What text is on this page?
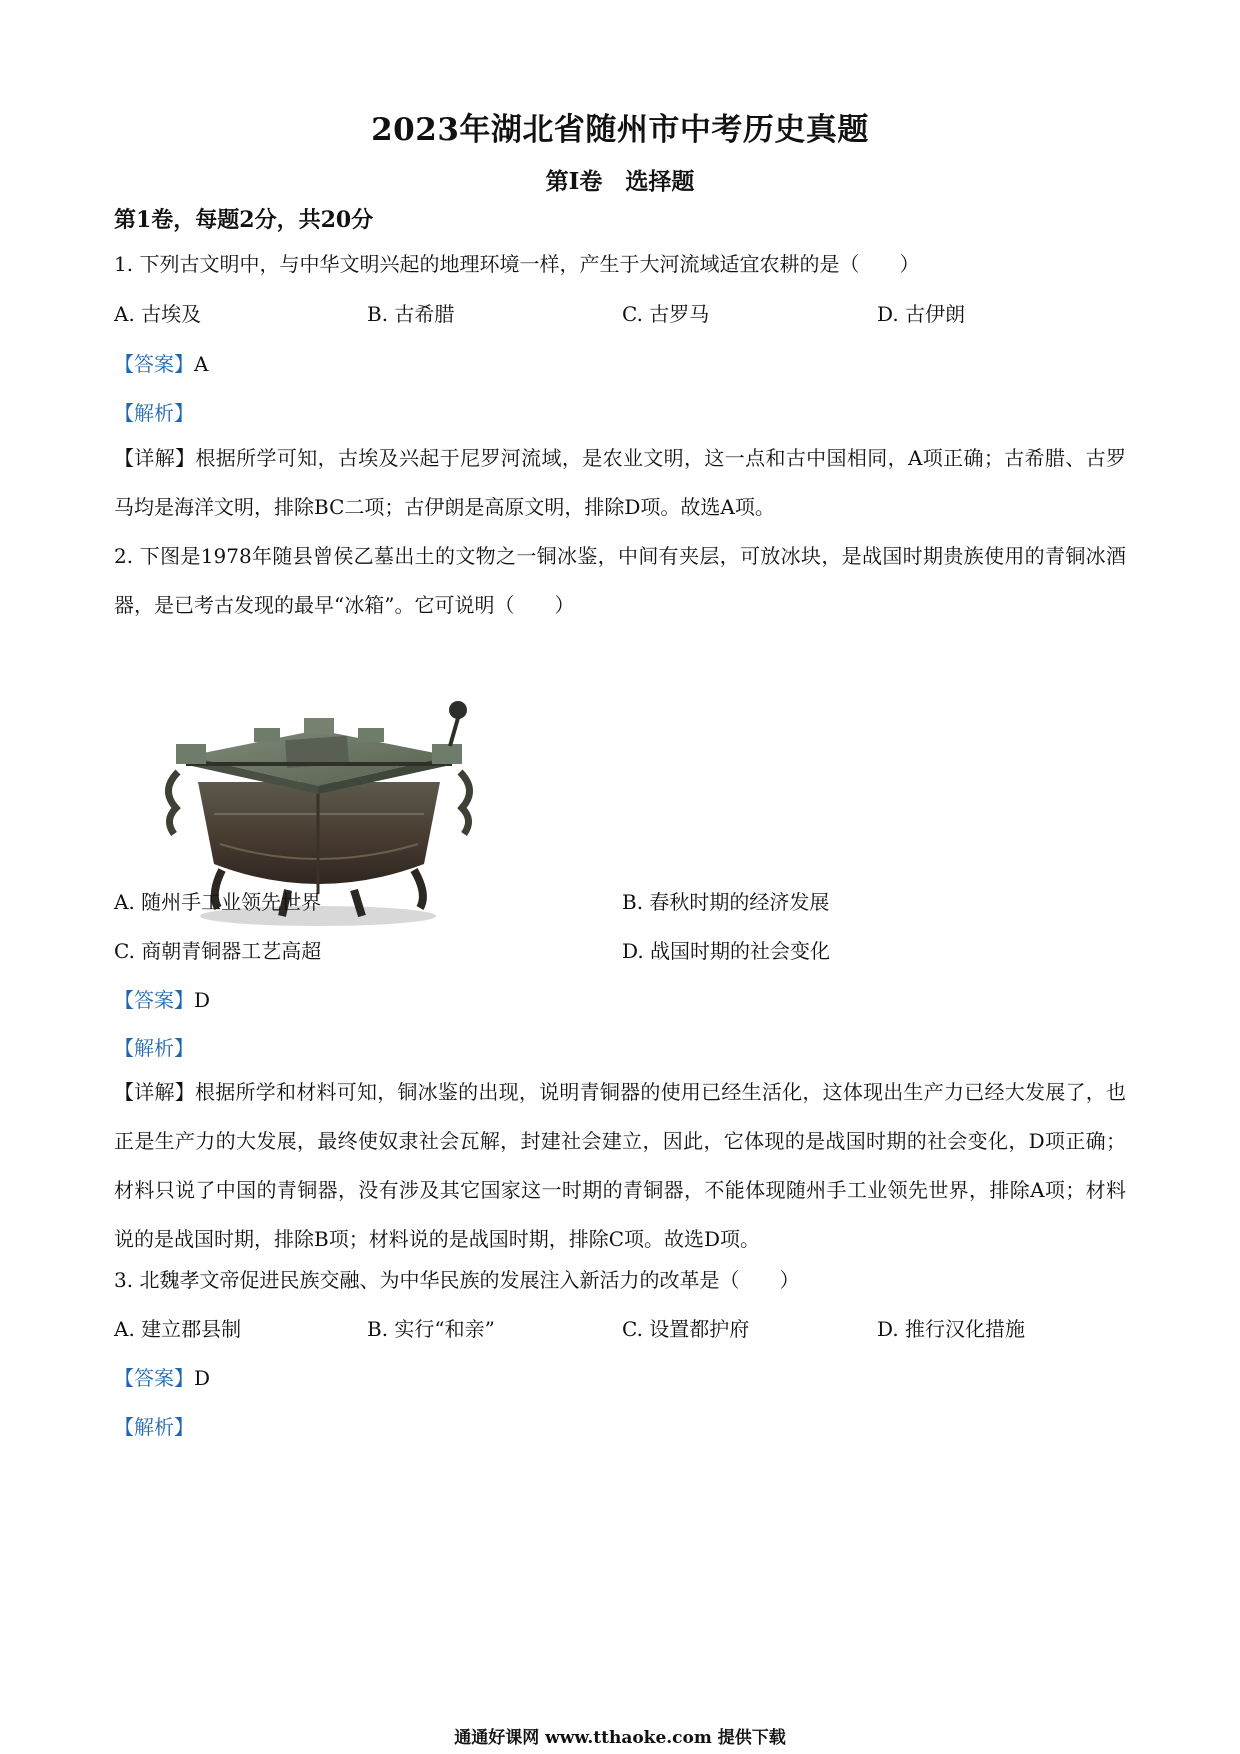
2023年湖北省随州市中考历史真题
第Ⅰ卷　选择题
第1卷，每题2分，共20分
1. 下列古文明中，与中华文明兴起的地理环境一样，产生于大河流域适宜农耕的是（　　）
A. 古埃及	B. 古希腊	C. 古罗马	D. 古伊朗
【答案】A
【解析】
【详解】根据所学可知，古埃及兴起于尼罗河流域，是农业文明，这一点和古中国相同，A项正确；古希腊、古罗马均是海洋文明，排除BC二项；古伊朗是高原文明，排除D项。故选A项。
2. 下图是1978年随县曾侯乙墓出土的文物之一铜冰鉴，中间有夹层，可放冰块，是战国时期贵族使用的青铜冰酒器，是已考古发现的最早“冰箱”。它可说明（　　）
A. 随州手工业领先世界	B. 春秋时期的经济发展
C. 商朝青铜器工艺高超	D. 战国时期的社会变化
【答案】D
【解析】
【详解】根据所学和材料可知，铜冰鉴的出现，说明青铜器的使用已经生活化，这体现出生产力已经大发展了，也正是生产力的大发展，最终使奴隶社会瓦解，封建社会建立，因此，它体现的是战国时期的社会变化，D项正确；材料只说了中国的青铜器，没有涉及其它国家这一时期的青铜器，不能体现随州手工业领先世界，排除A项；材料说的是战国时期，排除B项；材料说的是战国时期，排除C项。故选D项。
3. 北魏孝文帝促进民族交融、为中华民族的发展注入新活力的改革是（　　）
A. 建立郡县制	B. 实行“和亲”	C. 设置都护府	D. 推行汉化措施
【答案】D
【解析】
通通好课网 www.tthaoke.com 提供下载
